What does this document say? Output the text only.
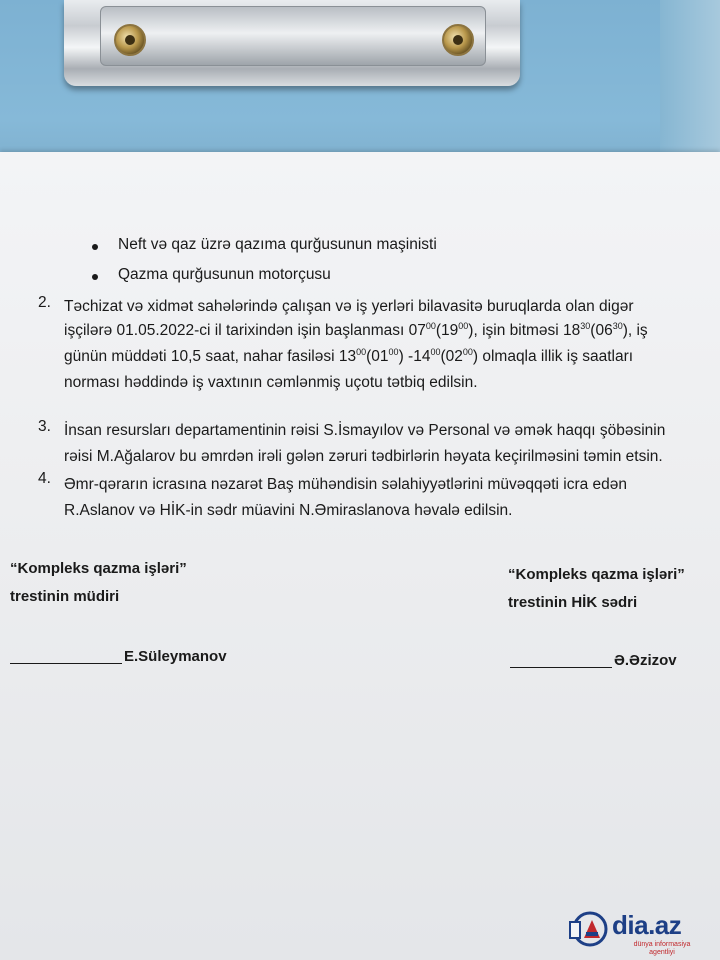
Neft və qaz üzrə qazıma qurğusunun maşinisti
Qazma qurğusunun motorçusu
2. Təchizat və xidmət sahələrində çalışan və iş yerləri bilavasitə buruqlarda olan digər
işçilərə 01.05.2022-ci il tarixindən işin başlanması $07^{00}(19^{00})$, işin bitməsi $18^{30}(06^{30})$, iş
günün müddəti 10,5 saat, nahar fasiləsi $13^{00}(01^{00})$ $-14^{00}(02^{00})$ olmaqla illik iş saatları
norması həddində iş vaxtının cəmlənmiş uçotu tətbiq edilsin.
3. İnsan resursları departamentinin rəisi S.İsmayılov və Personal və əmək haqqı şöbəsinin
rəisi M.Ağalarov bu əmrdən irəli gələn zəruri tədbirlərin həyata keçirilməsini təmin etsin.
4. Əmr-qərarın icrasına nəzarət Baş mühəndisin səlahiyyətlərini müvəqqəti icra edən
R.Aslanov və HİK-in sədr müavini N.Əmiraslanova həvalə edilsin.
“Kompleks qazma işləri”
trestinin müdiri
E.Süleymanov
“Kompleks qazma işləri”
trestinin HİK sədri
Ə.Əzizov
dia.az
dünya informasiya
agentliyi
